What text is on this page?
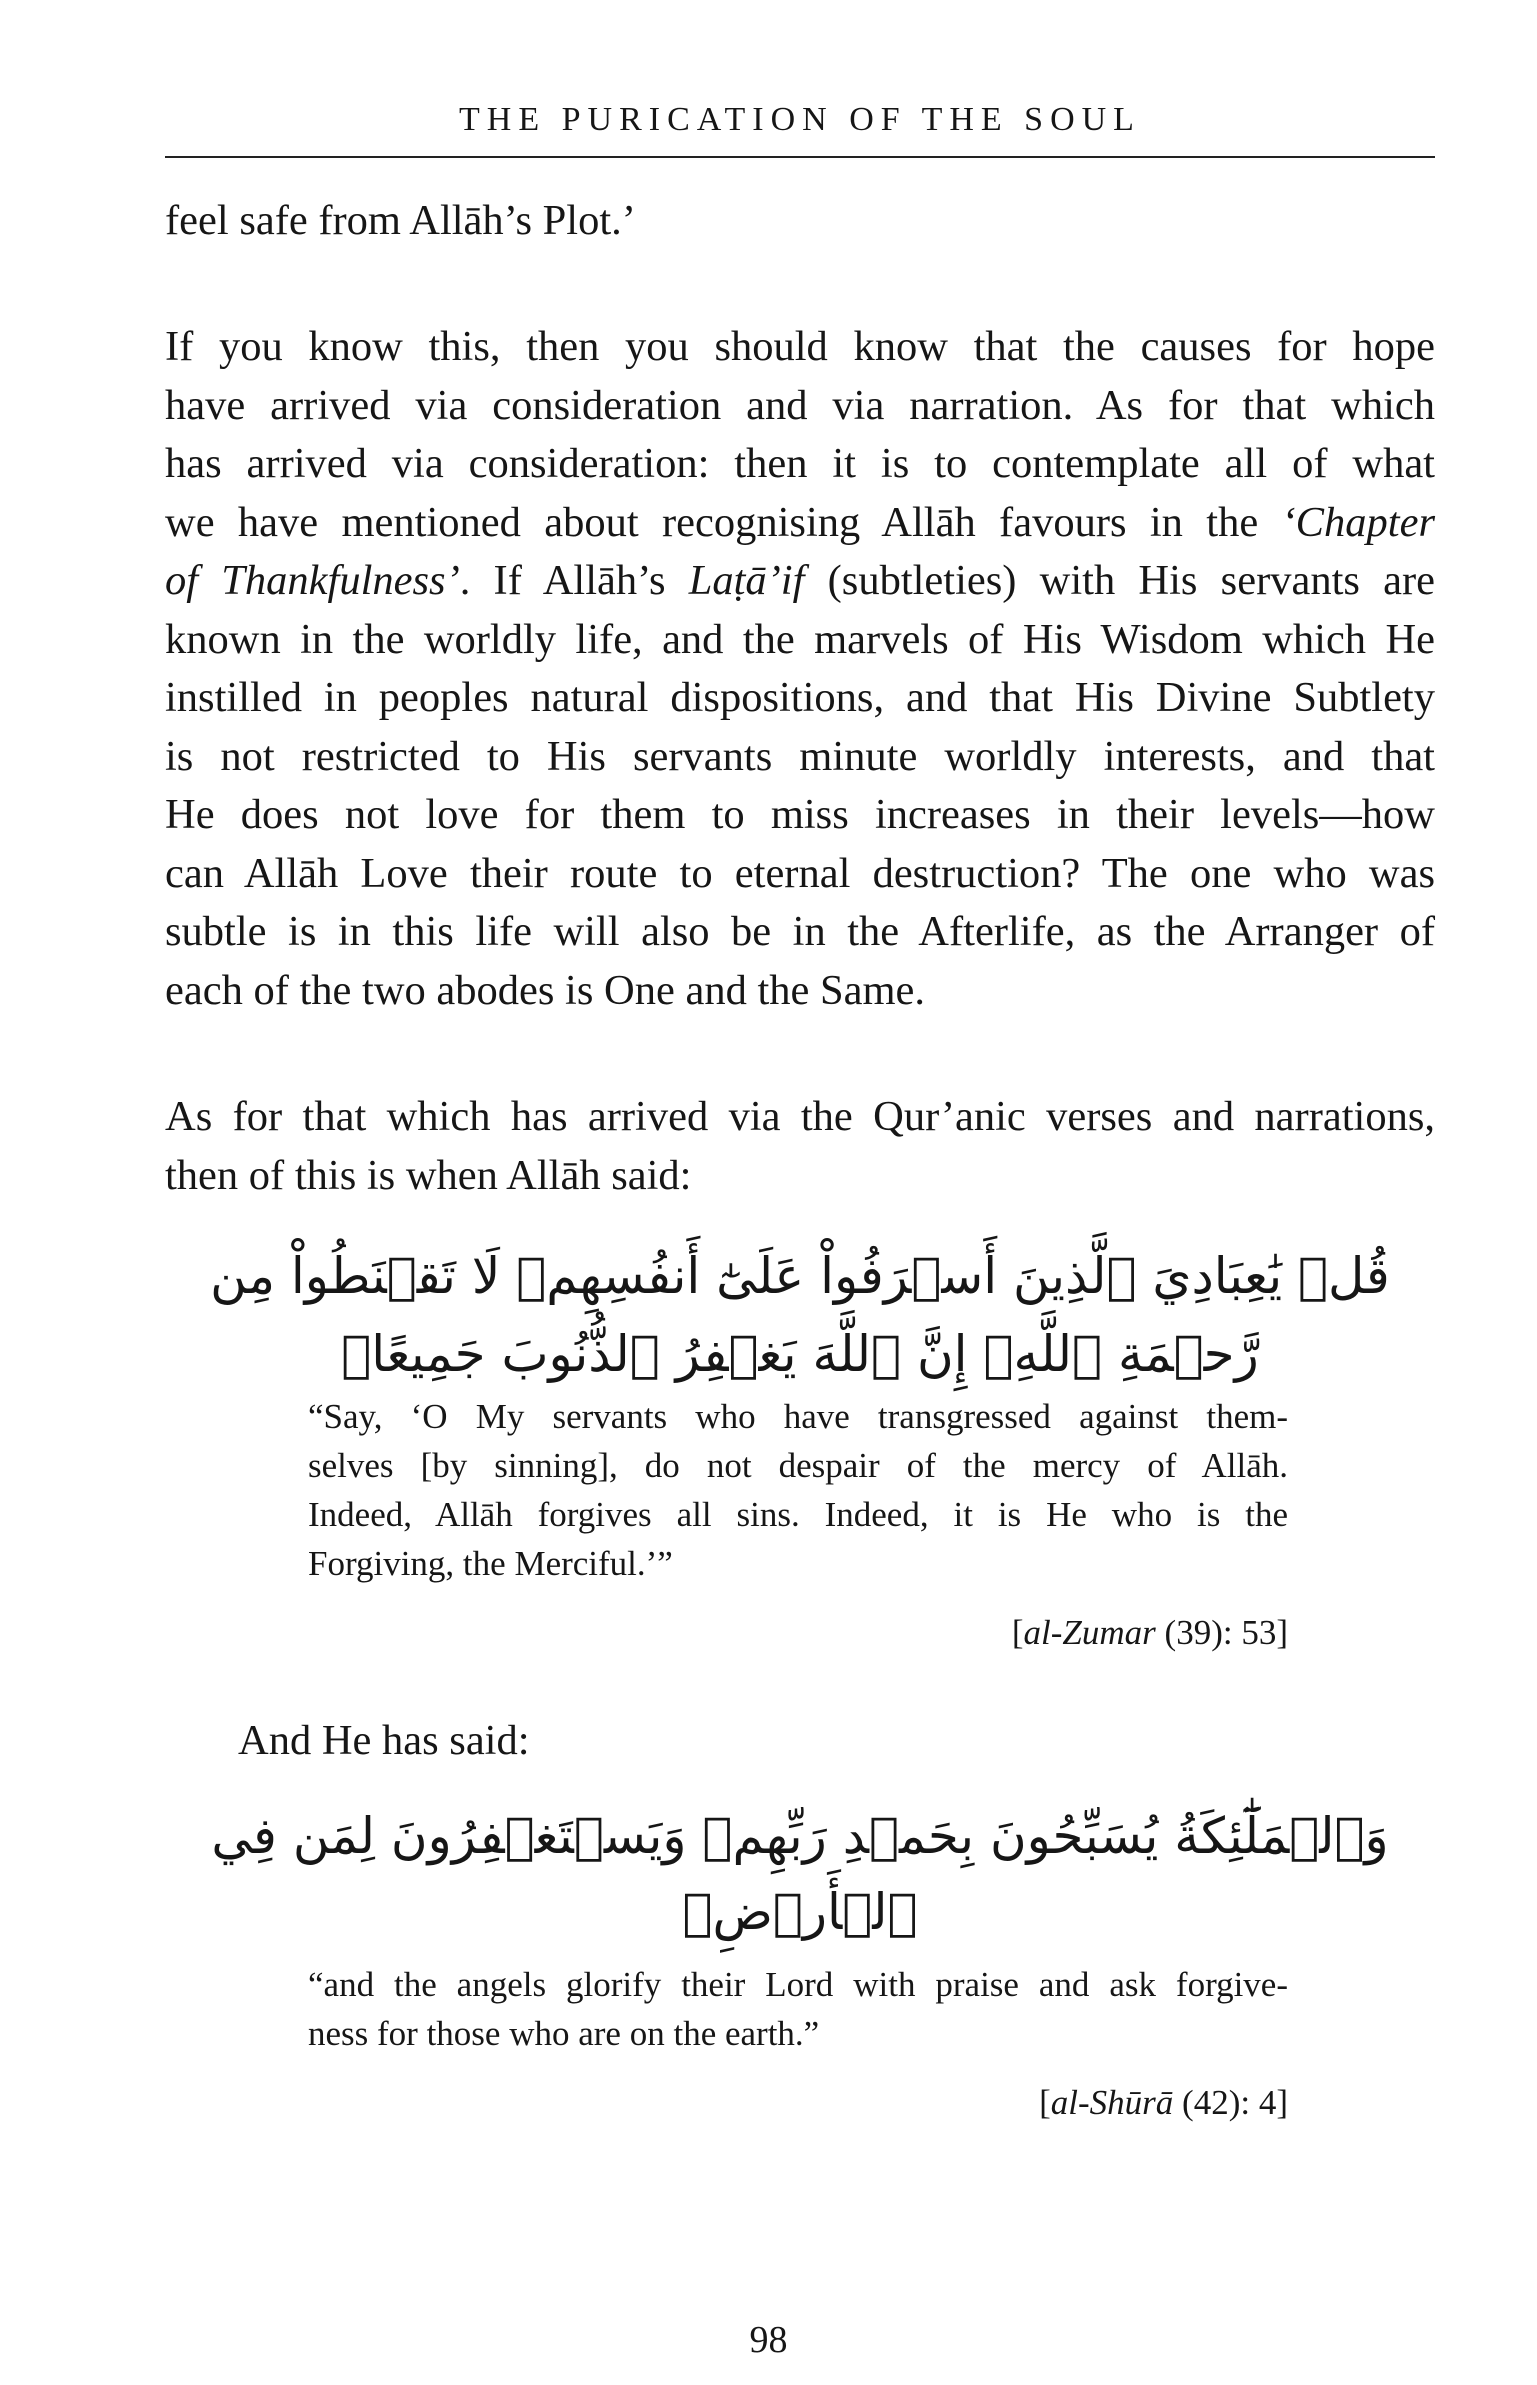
THE PURICATION OF THE SOUL
feel safe from Allāh’s Plot.’
If you know this, then you should know that the causes for hope
have arrived via consideration and via narration. As for that which
has arrived via consideration: then it is to contemplate all of what
we have mentioned about recognising Allāh favours in the ‘Chapter
of Thankfulness’. If Allāh’s Laṭā’if (subtleties) with His servants are
known in the worldly life, and the marvels of His Wisdom which He
instilled in peoples natural dispositions, and that His Divine Subtlety
is not restricted to His servants minute worldly interests, and that
He does not love for them to miss increases in their levels—how
can Allāh Love their route to eternal destruction? The one who was
subtle is in this life will also be in the Afterlife, as the Arranger of
each of the two abodes is One and the Same.
As for that which has arrived via the Qur’anic verses and narrations,
then of this is when Allāh said:
قُلۡ يَٰعِبَادِيَ ٱلَّذِينَ أَسۡرَفُواْ عَلَىٰٓ أَنفُسِهِمۡ لَا تَقۡنَطُواْ مِن
رَّحۡمَةِ ٱللَّهِۚ إِنَّ ٱللَّهَ يَغۡفِرُ ٱلذُّنُوبَ جَمِيعًاۚ
“Say, ‘O My servants who have transgressed against them-
selves [by sinning], do not despair of the mercy of Allāh.
Indeed, Allāh forgives all sins. Indeed, it is He who is the
Forgiving, the Merciful.’”
[al-Zumar (39): 53]
And He has said:
وَٱلۡمَلَٰٓئِكَةُ يُسَبِّحُونَ بِحَمۡدِ رَبِّهِمۡ وَيَسۡتَغۡفِرُونَ لِمَن فِي
ٱلۡأَرۡضِۗ
“and the angels glorify their Lord with praise and ask forgive-
ness for those who are on the earth.”
[al-Shūrā (42): 4]
98
